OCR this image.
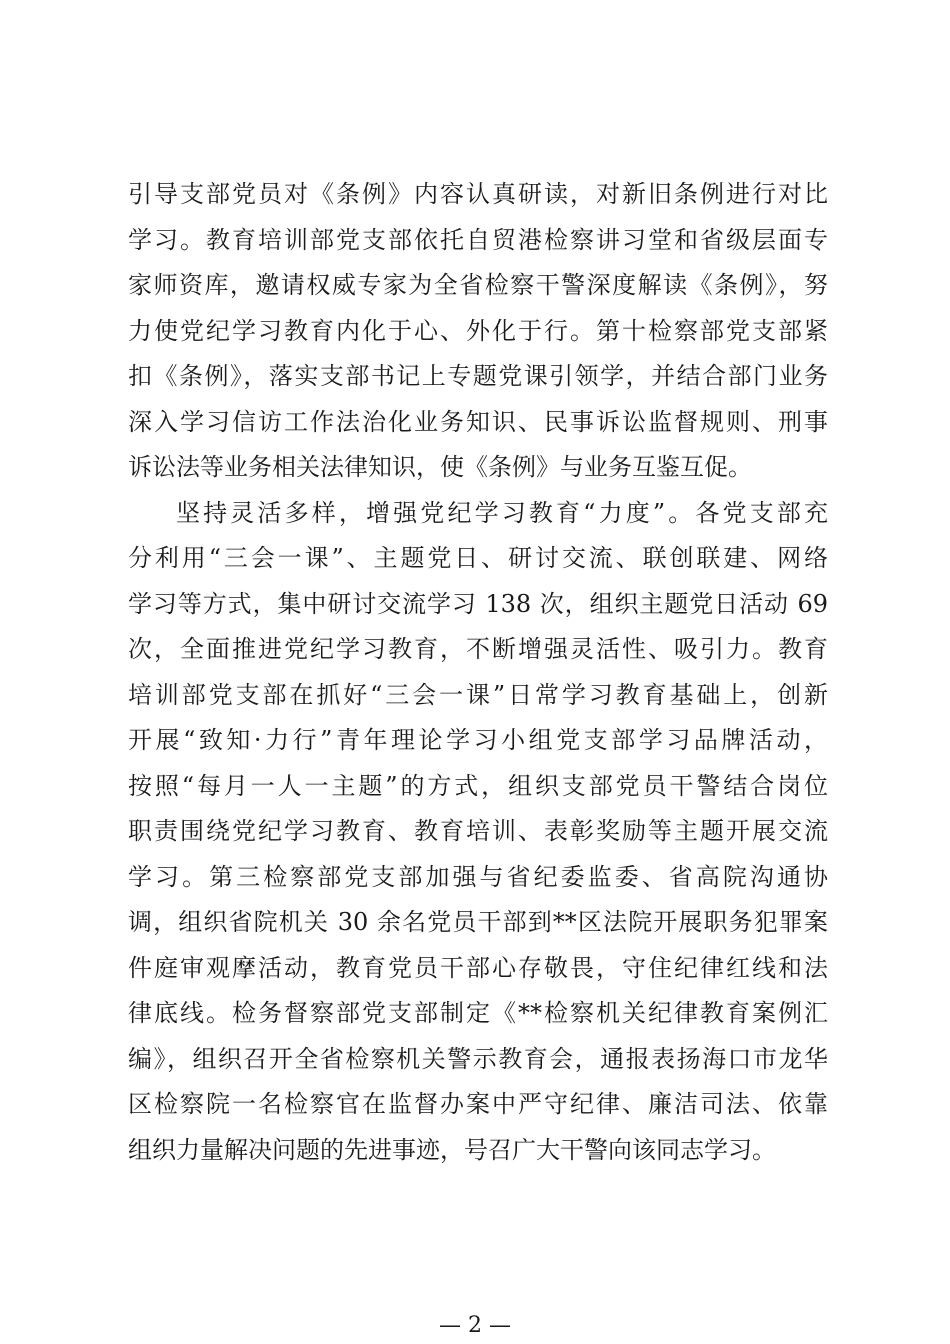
引导支部党员对《条例》内容认真研读，对新旧条例进行对比
学习。教育培训部党支部依托自贸港检察讲习堂和省级层面专
家师资库，邀请权威专家为全省检察干警深度解读《条例》，努
力使党纪学习教育内化于心、外化于行。第十检察部党支部紧
扣《条例》，落实支部书记上专题党课引领学，并结合部门业务
深入学习信访工作法治化业务知识、民事诉讼监督规则、刑事
诉讼法等业务相关法律知识，使《条例》与业务互鉴互促。
坚持灵活多样，增强党纪学习教育“力度”。各党支部充
分利用“三会一课”、主题党日、研讨交流、联创联建、网络
学习等方式，集中研讨交流学习 138 次，组织主题党日活动 69
次，全面推进党纪学习教育，不断增强灵活性、吸引力。教育
培训部党支部在抓好“三会一课”日常学习教育基础上，创新
开展“致知·力行”青年理论学习小组党支部学习品牌活动，
按照“每月一人一主题”的方式，组织支部党员干警结合岗位
职责围绕党纪学习教育、教育培训、表彰奖励等主题开展交流
学习。第三检察部党支部加强与省纪委监委、省高院沟通协
调，组织省院机关 30 余名党员干部到**区法院开展职务犯罪案
件庭审观摩活动，教育党员干部心存敬畏，守住纪律红线和法
律底线。检务督察部党支部制定《**检察机关纪律教育案例汇
编》，组织召开全省检察机关警示教育会，通报表扬海口市龙华
区检察院一名检察官在监督办案中严守纪律、廉洁司法、依靠
组织力量解决问题的先进事迹，号召广大干警向该同志学习。
— 2 —
